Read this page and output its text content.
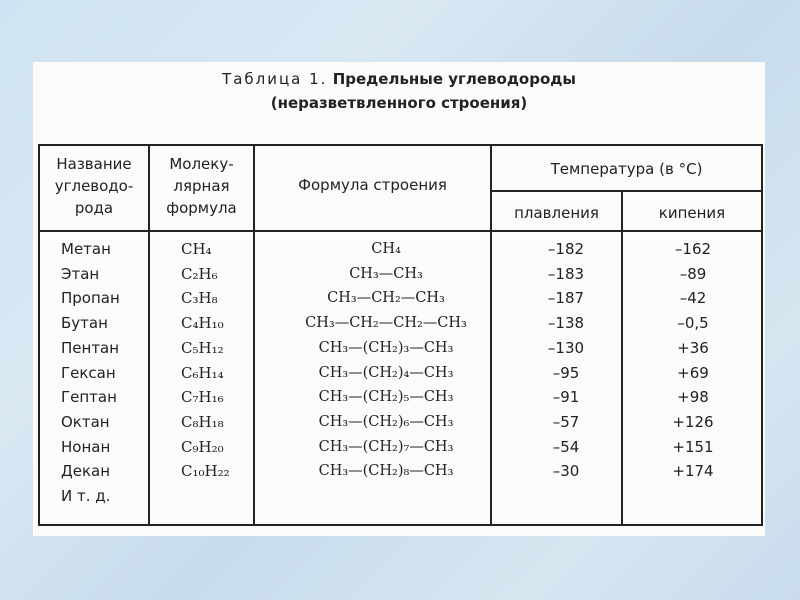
Таблица 1. Предельные углеводороды
(неразветвленного строения)
Название
углеводо-
рода
Молеку-
лярная
формула
Формула строения
Температура (в °C)
плавления	кипения
Метан	CH₄	CH₄	–182	–162
Этан	C₂H₆	CH₃—CH₃	–183	–89
Пропан	C₃H₈	CH₃—CH₂—CH₃	–187	–42
Бутан	C₄H₁₀	CH₃—CH₂—CH₂—CH₃	–138	–0,5
Пентан	C₅H₁₂	CH₃—(CH₂)₃—CH₃	–130	+36
Гексан	C₆H₁₄	CH₃—(CH₂)₄—CH₃	–95	+69
Гептан	C₇H₁₆	CH₃—(CH₂)₅—CH₃	–91	+98
Октан	C₈H₁₈	CH₃—(CH₂)₆—CH₃	–57	+126
Нонан	C₉H₂₀	CH₃—(CH₂)₇—CH₃	–54	+151
Декан	C₁₀H₂₂	CH₃—(CH₂)₈—CH₃	–30	+174
И т. д.
